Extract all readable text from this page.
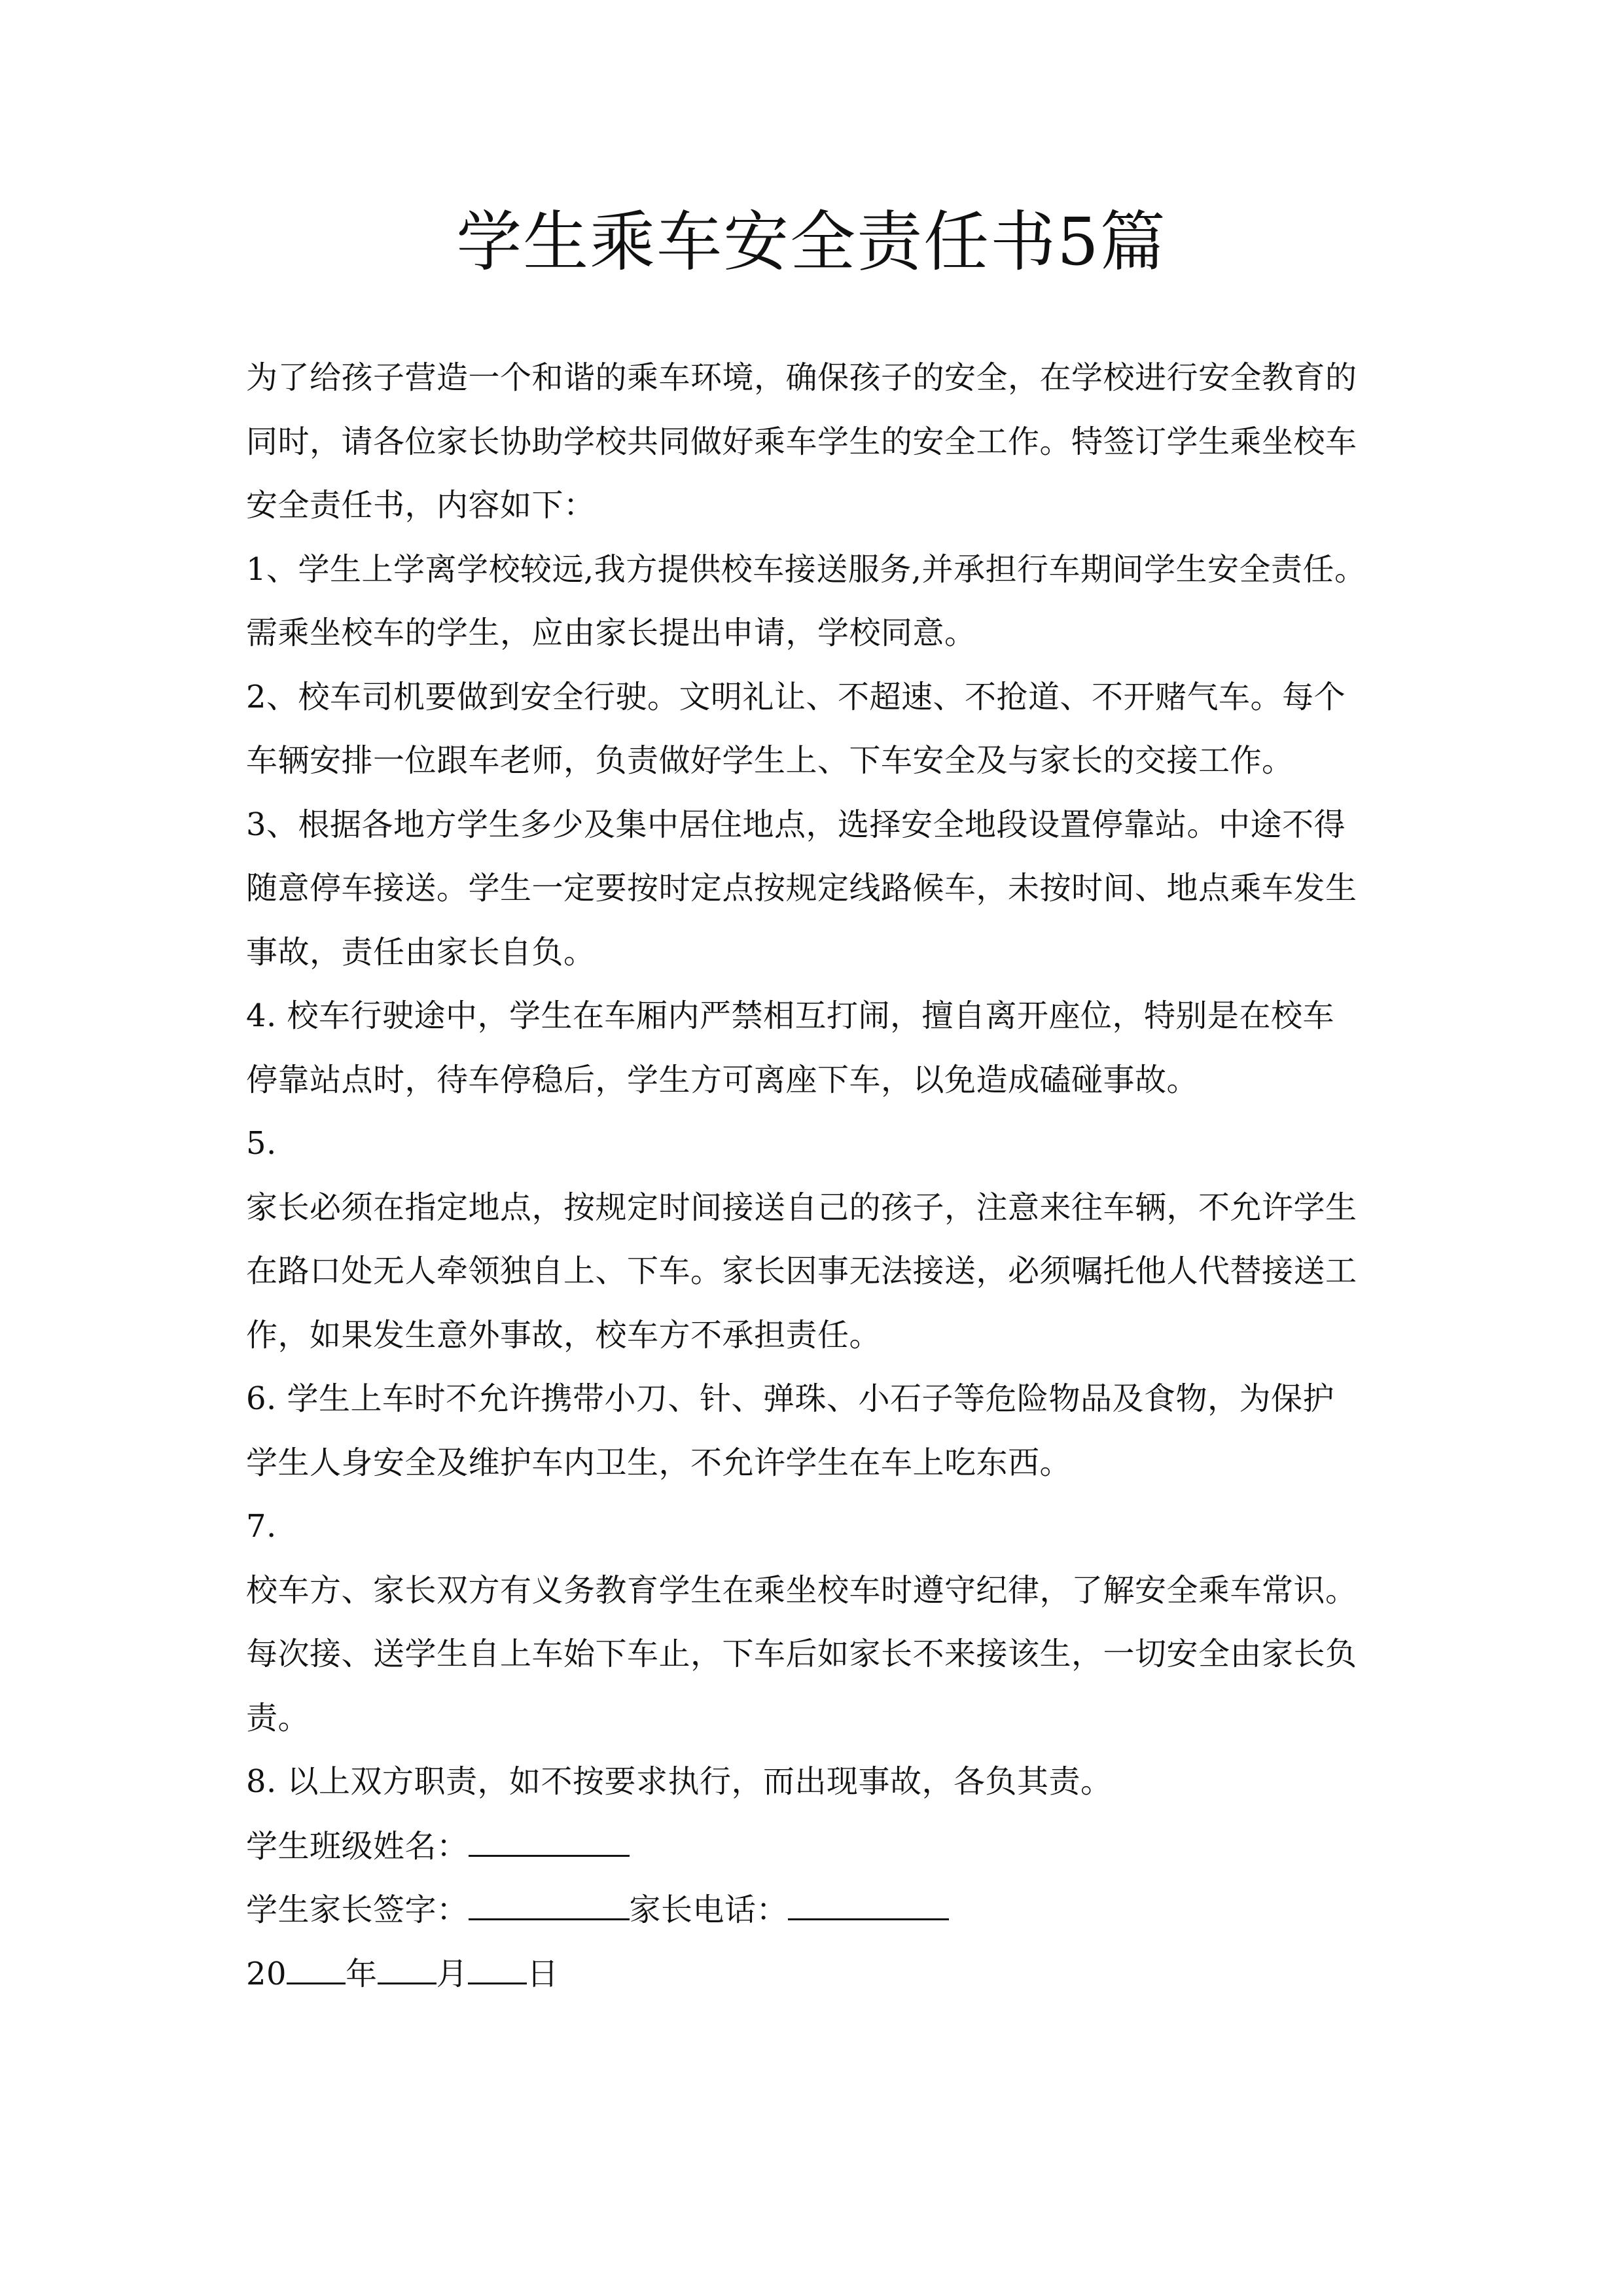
学生乘车安全责任书5篇
为了给孩子营造一个和谐的乘车环境，确保孩子的安全，在学校进行安全教育的
同时，请各位家长协助学校共同做好乘车学生的安全工作。特签订学生乘坐校车
安全责任书，内容如下：
1、学生上学离学校较远,我方提供校车接送服务,并承担行车期间学生安全责任。
需乘坐校车的学生，应由家长提出申请，学校同意。
2、校车司机要做到安全行驶。文明礼让、不超速、不抢道、不开赌气车。每个
车辆安排一位跟车老师，负责做好学生上、下车安全及与家长的交接工作。
3、根据各地方学生多少及集中居住地点，选择安全地段设置停靠站。中途不得
随意停车接送。学生一定要按时定点按规定线路候车，未按时间、地点乘车发生
事故，责任由家长自负。
4. 校车行驶途中，学生在车厢内严禁相互打闹，擅自离开座位，特别是在校车
停靠站点时，待车停稳后，学生方可离座下车，以免造成磕碰事故。
5.
家长必须在指定地点，按规定时间接送自己的孩子，注意来往车辆，不允许学生
在路口处无人牵领独自上、下车。家长因事无法接送，必须嘱托他人代替接送工
作，如果发生意外事故，校车方不承担责任。
6. 学生上车时不允许携带小刀、针、弹珠、小石子等危险物品及食物，为保护
学生人身安全及维护车内卫生，不允许学生在车上吃东西。
7.
校车方、家长双方有义务教育学生在乘坐校车时遵守纪律，了解安全乘车常识。
每次接、送学生自上车始下车止，下车后如家长不来接该生，一切安全由家长负
责。
8. 以上双方职责，如不按要求执行，而出现事故，各负其责。
学生班级姓名：
学生家长签字：	家长电话：
20 年 月 日
